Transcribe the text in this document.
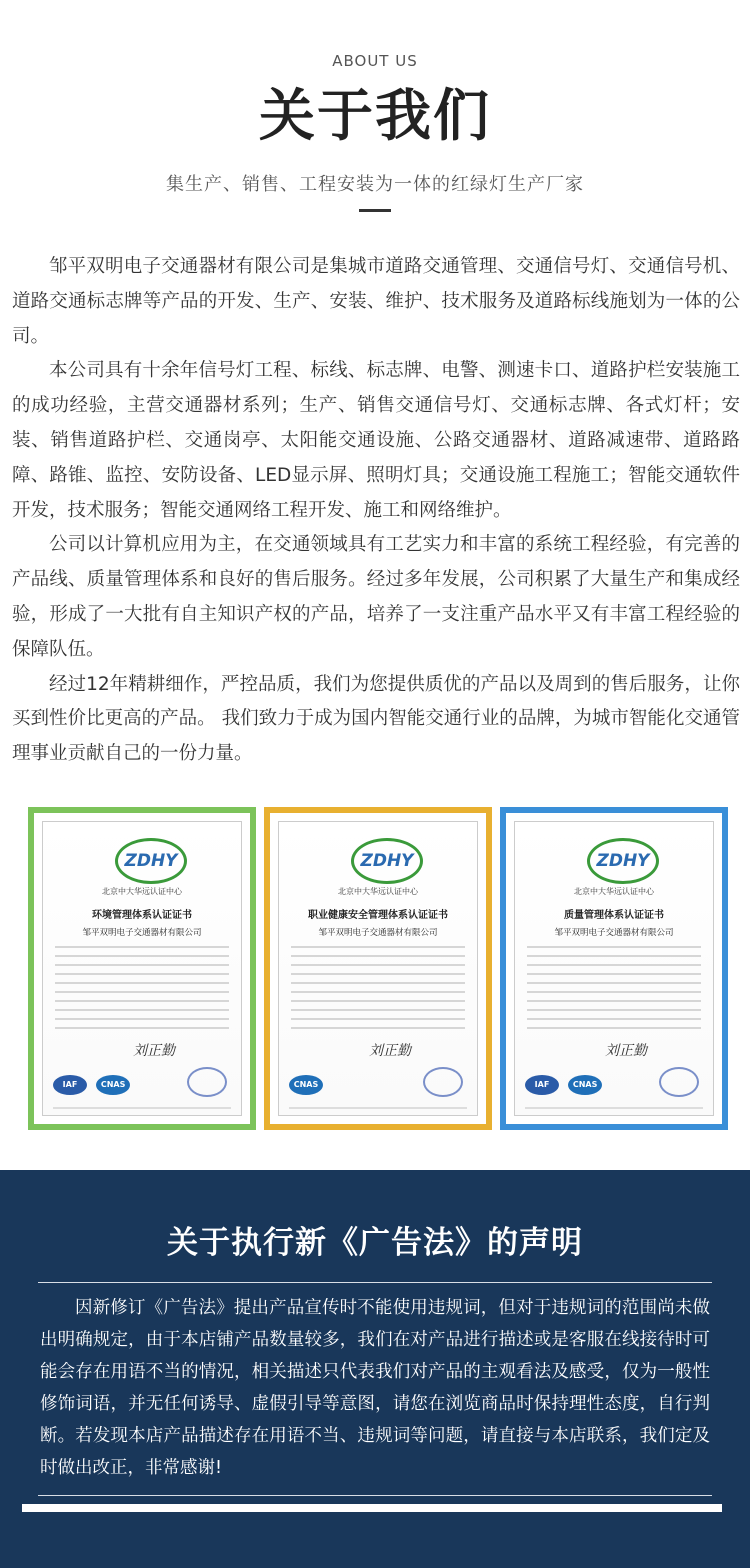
ABOUT US
关于我们
集生产、销售、工程安装为一体的红绿灯生产厂家

邹平双明电子交通器材有限公司是集城市道路交通管理、交通信号灯、交通信号机、道路交通标志牌等产品的开发、生产、安装、维护、技术服务及道路标线施划为一体的公司。

本公司具有十余年信号灯工程、标线、标志牌、电警、测速卡口、道路护栏安装施工的成功经验，主营交通器材系列；生产、销售交通信号灯、交通标志牌、各式灯杆；安装、销售道路护栏、交通岗亭、太阳能交通设施、公路交通器材、道路减速带、道路路障、路锥、监控、安防设备、LED显示屏、照明灯具；交通设施工程施工；智能交通软件开发，技术服务；智能交通网络工程开发、施工和网络维护。

公司以计算机应用为主，在交通领域具有工艺实力和丰富的系统工程经验，有完善的产品线、质量管理体系和良好的售后服务。经过多年发展，公司积累了大量生产和集成经验，形成了一大批有自主知识产权的产品，培养了一支注重产品水平又有丰富工程经验的保障队伍。

经过12年精耕细作，严控品质，我们为您提供质优的产品以及周到的售后服务，让你买到性价比更高的产品。 我们致力于成为国内智能交通行业的品牌，为城市智能化交通管理事业贡献自己的一份力量。

ZDHY
北京中大华远认证中心
环境管理体系认证证书
邹平双明电子交通器材有限公司
刘正勤
IAF	CNAS
ZDHY
北京中大华远认证中心
职业健康安全管理体系认证证书
邹平双明电子交通器材有限公司
刘正勤
CNAS
ZDHY
北京中大华远认证中心
质量管理体系认证证书
邹平双明电子交通器材有限公司
刘正勤
IAF	CNAS
关于执行新《广告法》的声明

因新修订《广告法》提出产品宣传时不能使用违规词，但对于违规词的范围尚未做出明确规定，由于本店铺产品数量较多，我们在对产品进行描述或是客服在线接待时可能会存在用语不当的情况，相关描述只代表我们对产品的主观看法及感受，仅为一般性修饰词语，并无任何诱导、虚假引导等意图，请您在浏览商品时保持理性态度，自行判断。若发现本店产品描述存在用语不当、违规词等问题，请直接与本店联系，我们定及时做出改正，非常感谢!
